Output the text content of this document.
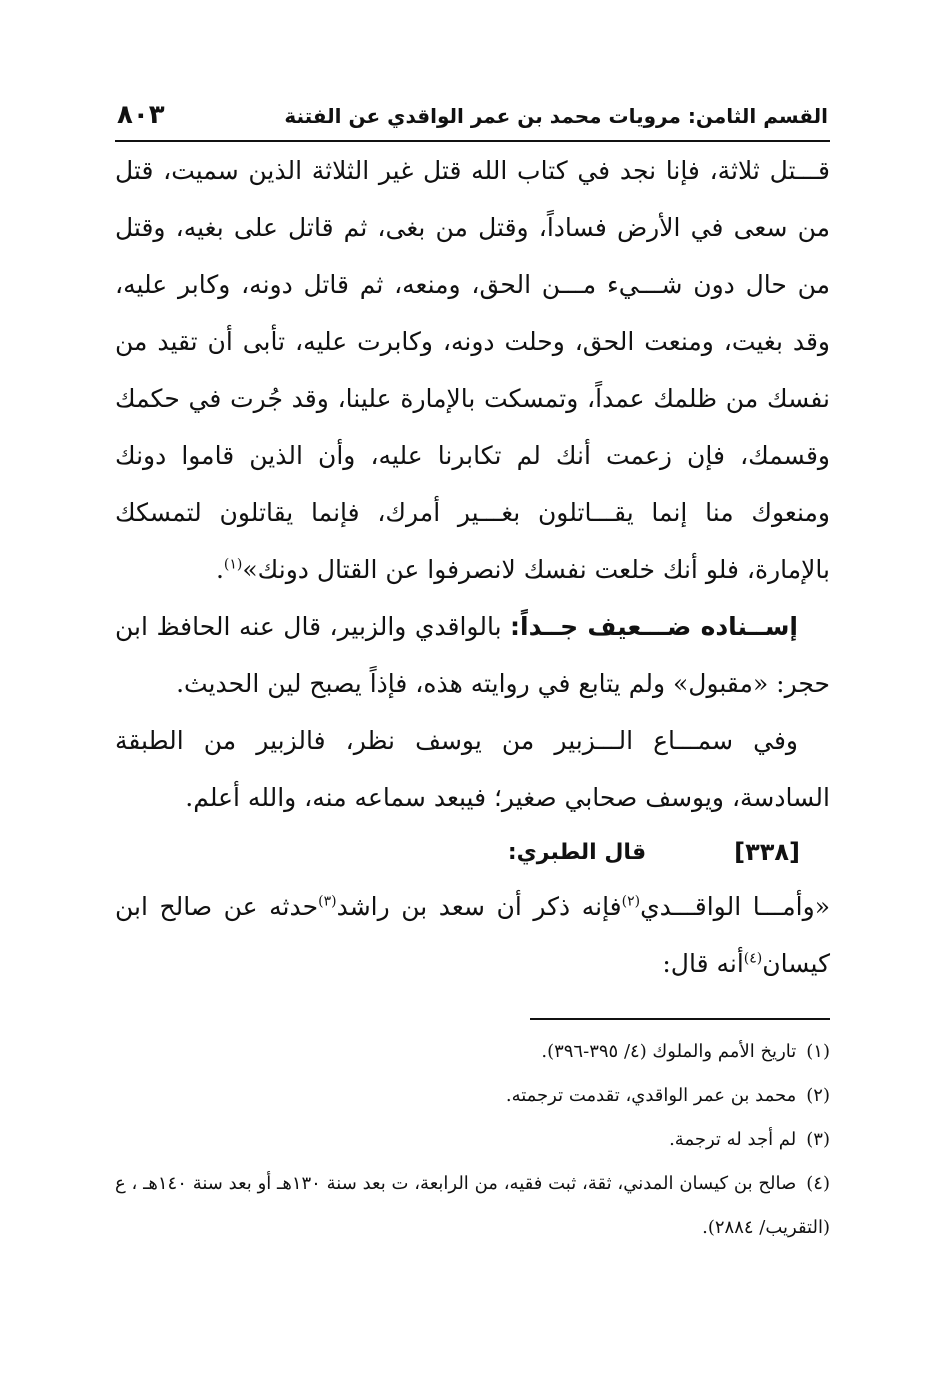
القسم الثامن: مرويات محمد بن عمر الواقدي عن الفتنة
٨٠٣

قـــتل ثلاثة، فإنا نجد في كتاب الله قتل غير الثلاثة الذين سميت، قتل من سعى في الأرض فساداً، وقتل من بغى، ثم قاتل على بغيه، وقتل من حال دون شـــيء مـــن الحق، ومنعه، ثم قاتل دونه، وكابر عليه، وقد بغيت، ومنعت الحق، وحلت دونه، وكابرت عليه، تأبى أن تقيد من نفسك من ظلمك عمداً، وتمسكت بالإمارة علينا، وقد جُرت في حكمك وقسمك، فإن زعمت أنك لم تكابرنا عليه، وأن الذين قاموا دونك ومنعوك منا إنما يقـــاتلون بغـــير أمرك، فإنما يقاتلون لتمسكك بالإمارة، فلو أنك خلعت نفسك لانصرفوا عن القتال دونك»$^{(١)}$.

إســناده ضـــعيف جــداً: بالواقدي والزبير، قال عنه الحافظ ابن حجر: «مقبول» ولم يتابع في روايته هذه، فإذاً يصبح لين الحديث.

وفي سمـــاع الـــزبير من يوسف نظر، فالزبير من الطبقة السادسة، ويوسف صحابي صغير؛ فيبعد سماعه منه، والله أعلم.

[٣٣٨]
قال الطبري:

«وأمـــا الواقـــدي$^{(٢)}$فإنه ذكر أن سعد بن راشد$^{(٣)}$حدثه عن صالح ابن كيسان$^{(٤)}$أنه قال:

(١)تاريخ الأمم والملوك (٤/ ٣٩٥-٣٩٦).
(٢)محمد بن عمر الواقدي، تقدمت ترجمته.
(٣)لم أجد له ترجمة.
(٤)صالح بن كيسان المدني، ثقة، ثبت فقيه، من الرابعة، ت بعد سنة ١٣٠هـ أو بعد سنة ١٤٠هـ ، ع (التقريب/ ٢٨٨٤).
